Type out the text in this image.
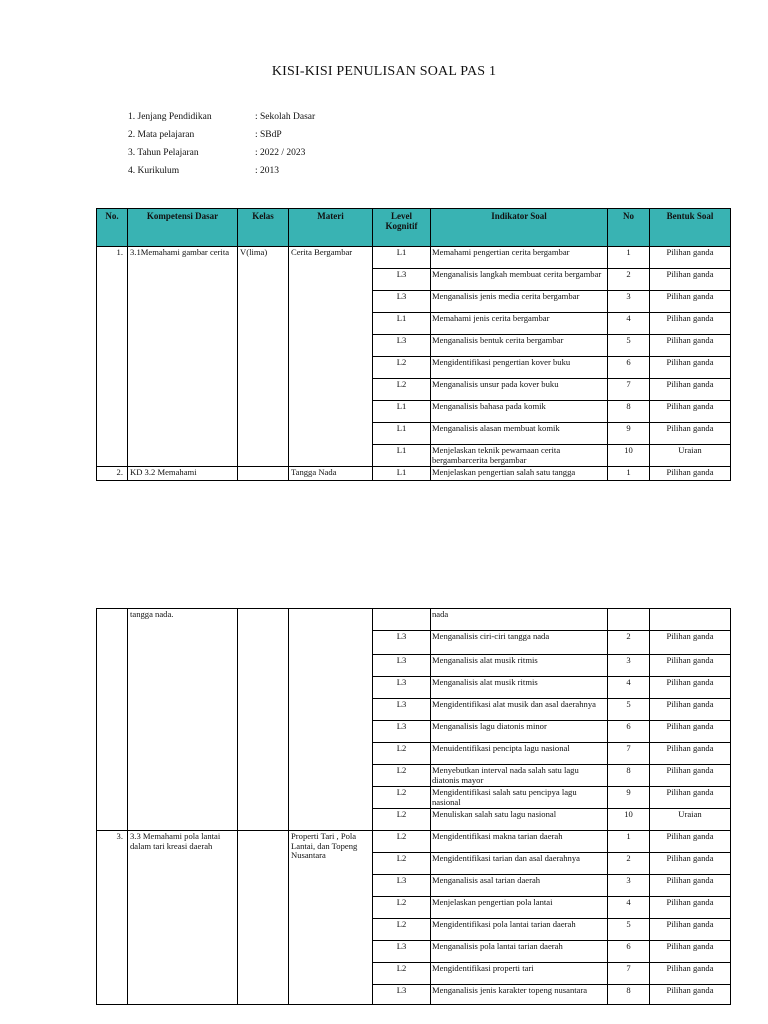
KISI-KISI PENULISAN SOAL PAS 1
1. Jenjang Pendidikan	: Sekolah Dasar
2. Mata pelajaran	: SBdP
3. Tahun Pelajaran	: 2022 / 2023
4. Kurikulum	: 2013
No.	Kompetensi Dasar	Kelas	Materi	Level Kognitif	Indikator Soal	No	Bentuk Soal
1.	3.1Memahami gambar cerita	V(lima)	Cerita Bergambar	L1	Memahami pengertian cerita bergambar	1	Pilihan ganda
				L3	Menganalisis langkah membuat cerita bergambar	2	Pilihan ganda
				L3	Menganalisis jenis media cerita bergambar	3	Pilihan ganda
				L1	Memahami jenis cerita bergambar	4	Pilihan ganda
				L3	Menganalisis bentuk cerita bergambar	5	Pilihan ganda
				L2	Mengidentifikasi pengertian kover buku	6	Pilihan ganda
				L2	Menganalisis unsur pada kover buku	7	Pilihan ganda
				L1	Menganalisis bahasa pada komik	8	Pilihan ganda
				L1	Menganalisis alasan membuat komik	9	Pilihan ganda
				L1	Menjelaskan teknik pewarnaan cerita bergambarcerita bergambar	10	Uraian
2.	KD 3.2 Memahami		Tangga Nada	L1	Menjelaskan pengertian salah satu tangga	1	Pilihan ganda
	tangga nada.				nada		
				L3	Menganalisis ciri-ciri tangga nada	2	Pilihan ganda
				L3	Menganalisis alat musik ritmis	3	Pilihan ganda
				L3	Menganalisis alat musik ritmis	4	Pilihan ganda
				L3	Mengidentifikasi alat musik dan asal daerahnya	5	Pilihan ganda
				L3	Menganalisis lagu diatonis minor	6	Pilihan ganda
				L2	Menuidentifikasi pencipta lagu nasional	7	Pilihan ganda
				L2	Menyebutkan interval nada salah satu lagu diatonis mayor	8	Pilihan ganda
				L2	Mengidentifikasi salah satu pencipya lagu nasional	9	Pilihan ganda
				L2	Menuliskan salah satu lagu nasional	10	Uraian
3.	3.3 Memahami pola lantai dalam tari kreasi daerah		Properti Tari , Pola Lantai, dan Topeng Nusantara	L2	Mengidentifikasi makna tarian daerah	1	Pilihan ganda
				L2	Mengidentifikasi tarian dan asal daerahnya	2	Pilihan ganda
				L3	Menganalisis asal tarian daerah	3	Pilihan ganda
				L2	Menjelaskan pengertian pola lantai	4	Pilihan ganda
				L2	Mengidentifikasi pola lantai tarian daerah	5	Pilihan ganda
				L3	Menganalisis pola lantai tarian daerah	6	Pilihan ganda
				L2	Mengidentifikasi properti tari	7	Pilihan ganda
				L3	Menganalisis jenis karakter topeng nusantara	8	Pilihan ganda
